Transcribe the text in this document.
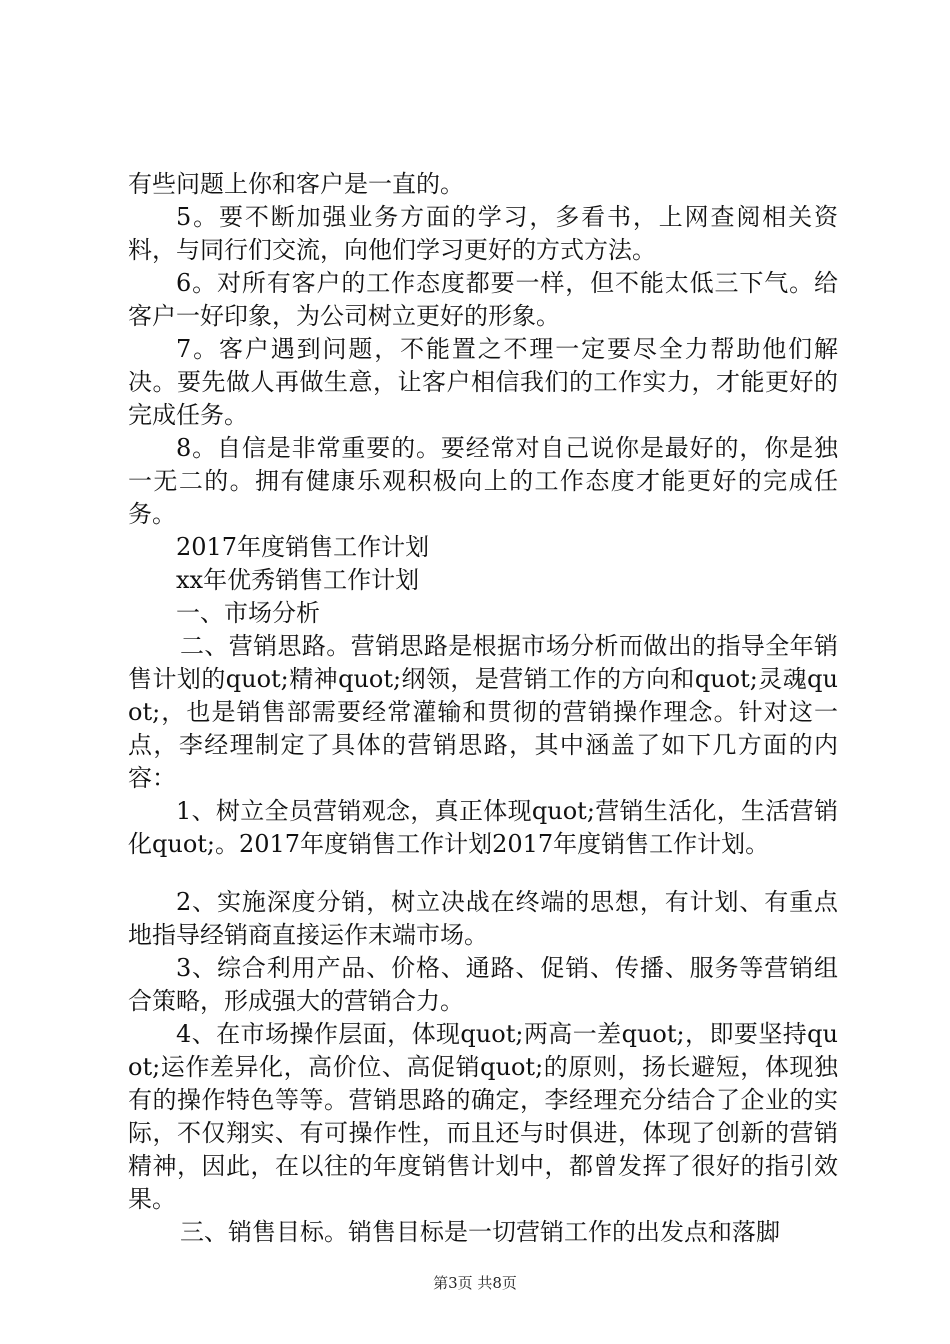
有些问题上你和客户是一直的。

5。要不断加强业务方面的学习，多看书，上网查阅相关资料，与同行们交流，向他们学习更好的方式方法。

6。对所有客户的工作态度都要一样，但不能太低三下气。给客户一好印象，为公司树立更好的形象。

7。客户遇到问题，不能置之不理一定要尽全力帮助他们解决。要先做人再做生意，让客户相信我们的工作实力，才能更好的完成任务。

8。自信是非常重要的。要经常对自己说你是最好的，你是独一无二的。拥有健康乐观积极向上的工作态度才能更好的完成任务。

2017年度销售工作计划

xx年优秀销售工作计划

一、市场分析

二、营销思路。营销思路是根据市场分析而做出的指导全年销售计划的quot;精神quot;纲领，是营销工作的方向和quot;灵魂quot;，也是销售部需要经常灌输和贯彻的营销操作理念。针对这一点，李经理制定了具体的营销思路，其中涵盖了如下几方面的内容：

1、树立全员营销观念，真正体现quot;营销生活化，生活营销化quot;。2017年度销售工作计划2017年度销售工作计划。

2、实施深度分销，树立决战在终端的思想，有计划、有重点地指导经销商直接运作末端市场。

3、综合利用产品、价格、通路、促销、传播、服务等营销组合策略，形成强大的营销合力。

4、在市场操作层面，体现quot;两高一差quot;，即要坚持quot;运作差异化，高价位、高促销quot;的原则，扬长避短，体现独有的操作特色等等。营销思路的确定，李经理充分结合了企业的实际，不仅翔实、有可操作性，而且还与时俱进，体现了创新的营销精神，因此，在以往的年度销售计划中，都曾发挥了很好的指引效果。

三、销售目标。销售目标是一切营销工作的出发点和落脚

第3页 共8页
